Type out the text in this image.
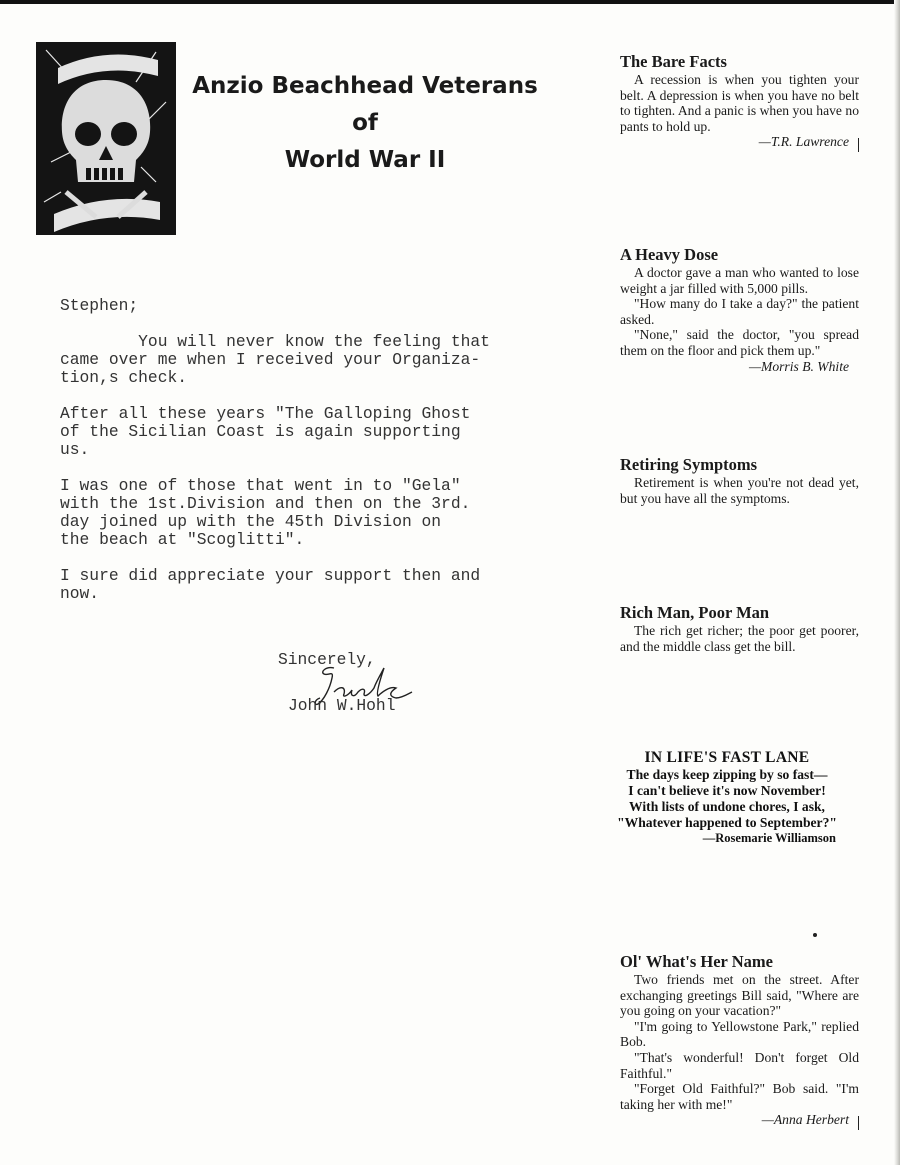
Anzio Beachhead Veterans
of
World War II
Stephen;
You will never know the feeling that
came over me when I received your Organiza-
tion,s check.
After all these years "The Galloping Ghost
of the Sicilian Coast is again supporting
us.
I was one of those that went in to "Gela"
with the 1st.Division and then on the 3rd.
day joined up with the 45th Division on
the beach at "Scoglitti".
I sure did appreciate your support then and
now.
Sincerely,
John W.Hohl
The Bare Facts
A recession is when you tighten your belt. A depression is when you have no belt to tighten. And a panic is when you have no pants to hold up.
—T.R. Lawrence
A Heavy Dose
A doctor gave a man who wanted to lose weight a jar filled with 5,000 pills.
"How many do I take a day?" the patient asked.
"None," said the doctor, "you spread them on the floor and pick them up."
—Morris B. White
Retiring Symptoms
Retirement is when you're not dead yet, but you have all the symptoms.
Rich Man, Poor Man
The rich get richer; the poor get poorer, and the middle class get the bill.
IN LIFE'S FAST LANE
The days keep zipping by so fast—
I can't believe it's now November!
With lists of undone chores, I ask,
"Whatever happened to September?"
—Rosemarie Williamson
Ol' What's Her Name
Two friends met on the street. After exchanging greetings Bill said, "Where are you going on your vacation?"
"I'm going to Yellowstone Park," replied Bob.
"That's wonderful! Don't forget Old Faithful."
"Forget Old Faithful?" Bob said. "I'm taking her with me!"
—Anna Herbert
